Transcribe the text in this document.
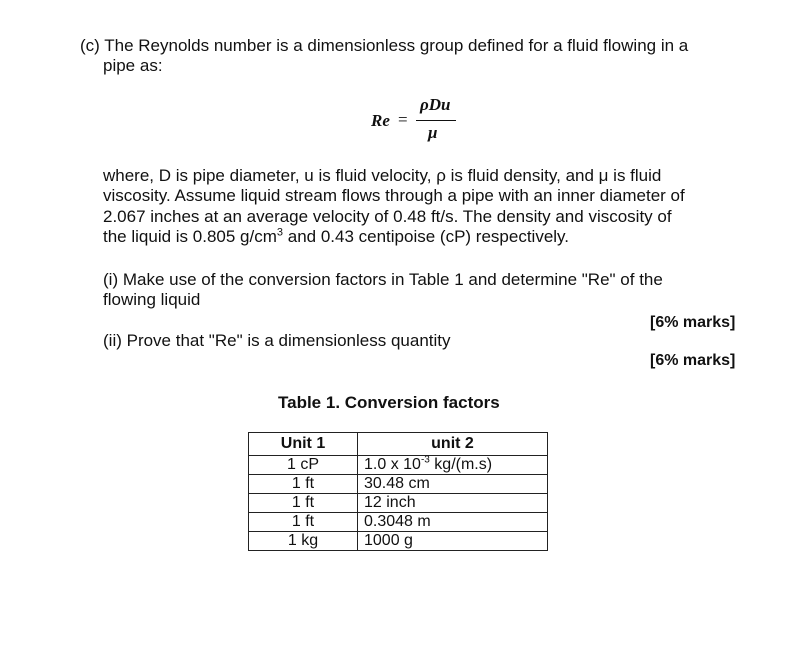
(c) The Reynolds number is a dimensionless group defined for a fluid flowing in a
pipe as:
Re =
ρDu
μ
where, D is pipe diameter, u is fluid velocity, ρ is fluid density, and μ is fluid
viscosity. Assume liquid stream flows through a pipe with an inner diameter of
2.067 inches at an average velocity of 0.48 ft/s. The density and viscosity of
the liquid is 0.805 $g/cm^3$ and 0.43 centipoise (cP) respectively.
(i) Make use of the conversion factors in Table 1 and determine "Re" of the
flowing liquid
[6% marks]
(ii) Prove that "Re" is a dimensionless quantity
[6% marks]
Table 1. Conversion factors
Unit 1	unit 2
1 cP	1.0 x $10^{-3}$ kg/(m.s)
1 ft	30.48 cm
1 ft	12 inch
1 ft	0.3048 m
1 kg	1000 g
